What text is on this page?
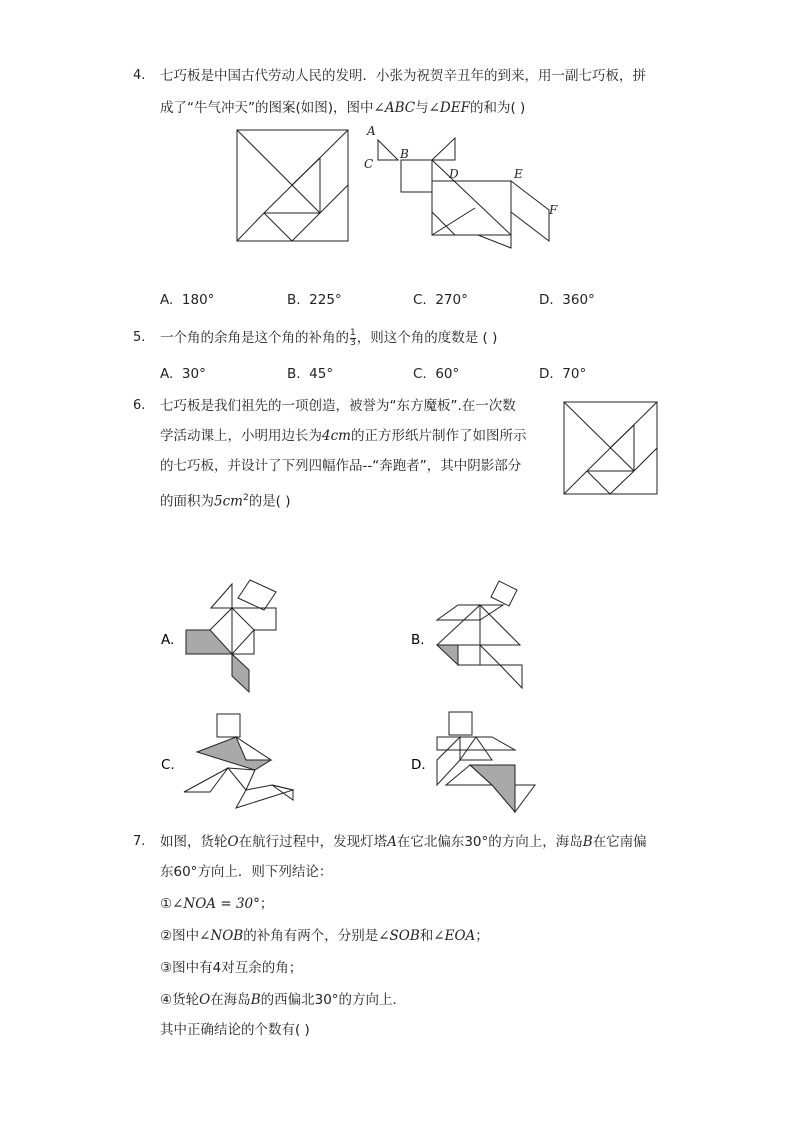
4. 七巧板是中国古代劳动人民的发明．小张为祝贺辛丑年的到来，用一副七巧板，拼
成了“牛气冲天”的图案(如图)，图中∠ABC与∠DEF的和为( )
A
C
B
D	E
F
A. 180°	B. 225°	C. 270°	D. 360°
5. 一个角的余角是这个角的补角的 $\frac{1}{3}$ ，则这个角的度数是 ( )
A. 30°	B. 45°	C. 60°	D. 70°
6. 七巧板是我们祖先的一项创造，被誉为“东方魔板”.在一次数
学活动课上，小明用边长为4cm的正方形纸片制作了如图所示
的七巧板，并设计了下列四幅作品--“奔跑者”，其中阴影部分
的面积为$5cm^2$的是( )
A.	B.
C.	D.
7. 如图，货轮O在航行过程中，发现灯塔A在它北偏东30°的方向上，海岛B在它南偏
东60°方向上．则下列结论：
①∠NOA = 30°；
②图中∠NOB的补角有两个，分别是∠SOB和∠EOA；
③图中有4对互余的角；
④货轮O在海岛B的西偏北30°的方向上．
其中正确结论的个数有( )
